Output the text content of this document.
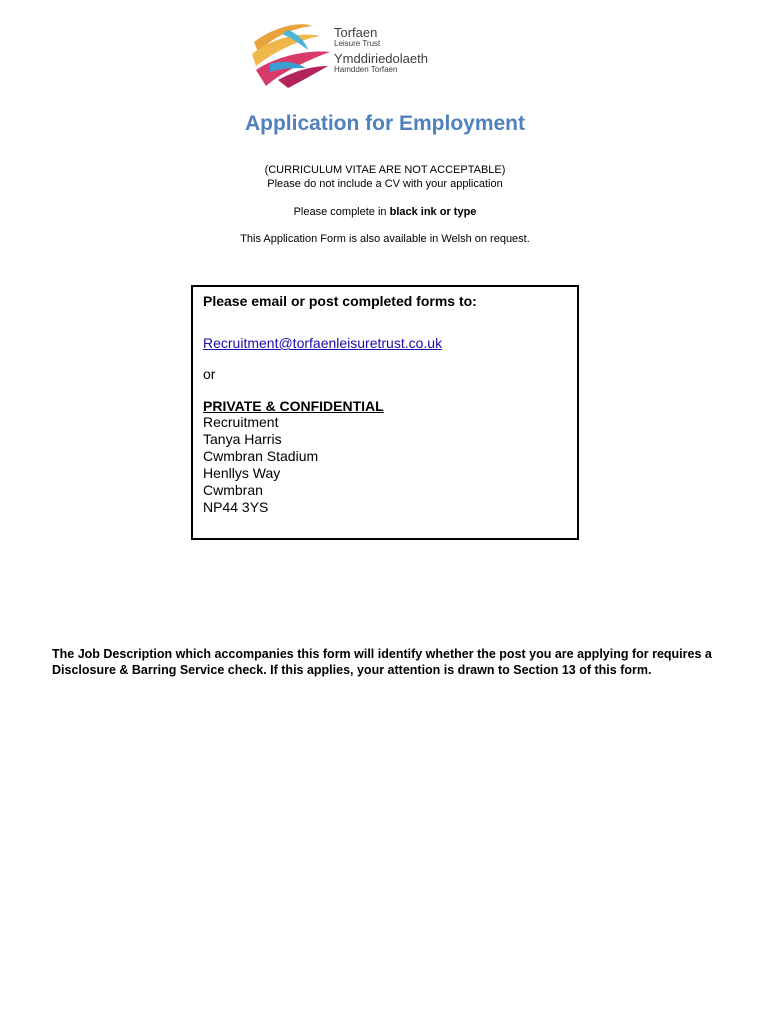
Torfaen
Leisure Trust
Ymddiriedolaeth
Hamdden Torfaen
Application for Employment
(CURRICULUM VITAE ARE NOT ACCEPTABLE)
Please do not include a CV with your application
Please complete in black ink or type
This Application Form is also available in Welsh on request.
Please email or post completed forms to:
Recruitment@torfaenleisuretrust.co.uk
or
PRIVATE & CONFIDENTIAL
Recruitment
Tanya Harris
Cwmbran Stadium
Henllys Way
Cwmbran
NP44 3YS
The Job Description which accompanies this form will identify whether the post you are applying for requires a Disclosure & Barring Service check. If this applies, your attention is drawn to Section 13 of this form.
